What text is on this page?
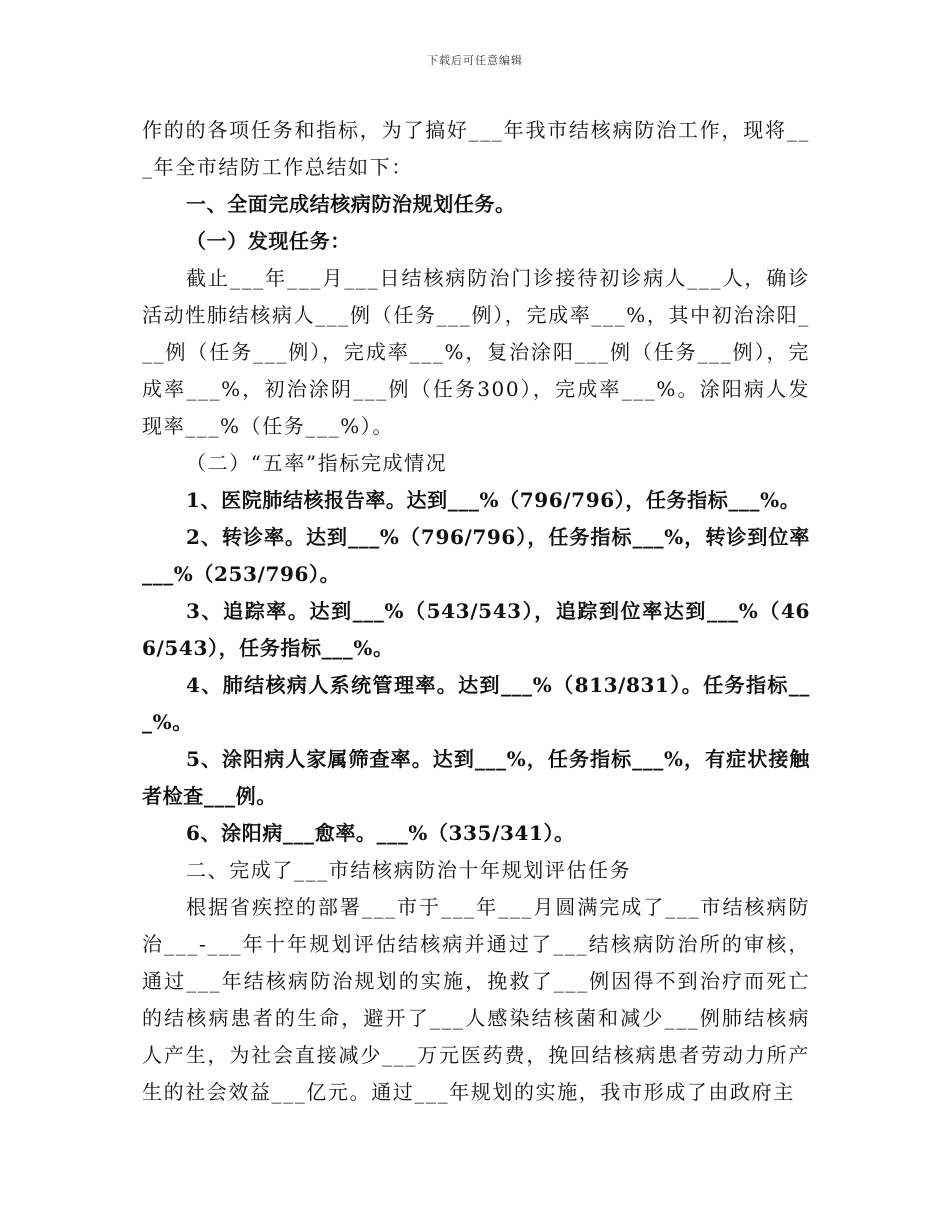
下载后可任意编辑

作的的各项任务和指标，为了搞好___年我市结核病防治工作，现将___年全市结防工作总结如下：

一、全面完成结核病防治规划任务。

（一）发现任务：

截止___年___月___日结核病防治门诊接待初诊病人___人，确诊活动性肺结核病人___例（任务___例），完成率___%，其中初治涂阳___例（任务___例），完成率___%，复治涂阳___例（任务___例），完成率___%，初治涂阴___例（任务300），完成率___%。涂阳病人发现率___%（任务___%）。

（二）“五率”指标完成情况

1、医院肺结核报告率。达到___%（796/796），任务指标___%。

2、转诊率。达到___%（796/796），任务指标___%，转诊到位率___%（253/796）。

3、追踪率。达到___%（543/543），追踪到位率达到___%（466/543），任务指标___%。

4、肺结核病人系统管理率。达到___%（813/831）。任务指标___%。

5、涂阳病人家属筛查率。达到___%，任务指标___%，有症状接触者检查___例。

6、涂阳病___愈率。___%（335/341）。

二、完成了___市结核病防治十年规划评估任务

根据省疾控的部署___市于___年___月圆满完成了___市结核病防治___-___年十年规划评估结核病并通过了___结核病防治所的审核，通过___年结核病防治规划的实施，挽救了___例因得不到治疗而死亡的结核病患者的生命，避开了___人感染结核菌和减少___例肺结核病人产生，为社会直接减少___万元医药费，挽回结核病患者劳动力所产生的社会效益___亿元。通过___年规划的实施，我市形成了由政府主
